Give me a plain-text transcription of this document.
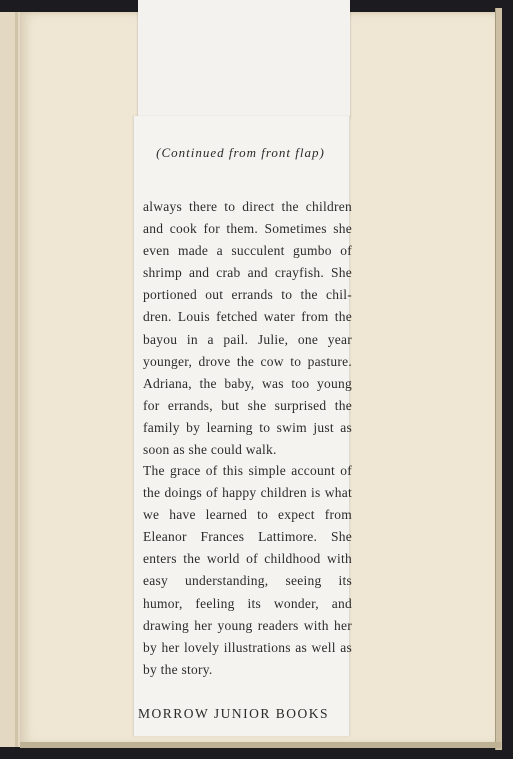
(Continued from front flap)

always there to direct the children and cook for them. Sometimes she even made a succulent gumbo of shrimp and crab and crayfish. She portioned out errands to the chil-dren. Louis fetched water from the bayou in a pail. Julie, one year younger, drove the cow to pasture. Adriana, the baby, was too young for errands, but she surprised the family by learning to swim just as soon as she could walk.

The grace of this simple account of the doings of happy children is what we have learned to expect from Eleanor Frances Lattimore. She enters the world of childhood with easy understanding, seeing its humor, feeling its wonder, and drawing her young readers with her by her lovely illustrations as well as by the story.

MORROW JUNIOR BOOKS
